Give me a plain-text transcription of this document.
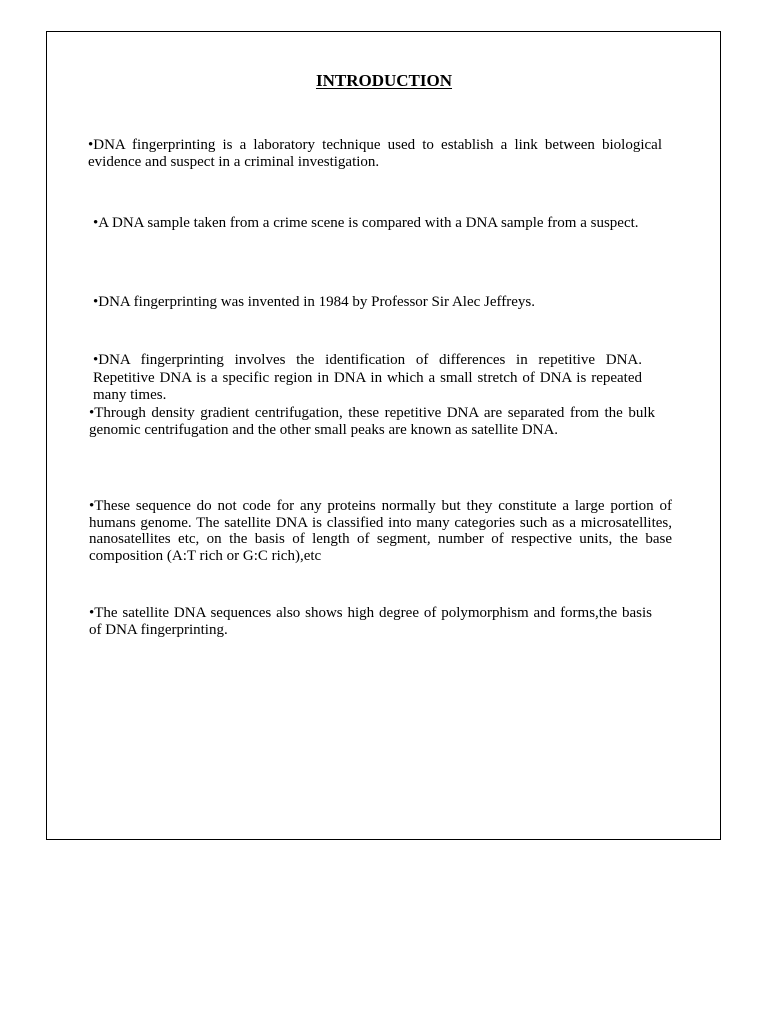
INTRODUCTION
•DNA fingerprinting is a laboratory technique used to establish a link between biological evidence and suspect in a criminal investigation.
•A DNA sample taken from a crime scene is compared with a DNA sample from a suspect.
•DNA fingerprinting was invented in 1984 by Professor Sir Alec Jeffreys.
•DNA fingerprinting involves the identification of differences in repetitive DNA. Repetitive DNA is a specific region in DNA in which a small stretch of DNA is repeated many times.
•Through density gradient centrifugation, these repetitive DNA are separated from the bulk genomic centrifugation and the other small peaks are known as satellite DNA.
•These sequence do not code for any proteins normally but they constitute a large portion of humans genome. The satellite DNA is classified into many categories such as a microsatellites, nanosatellites etc, on the basis of length of segment, number of respective units, the base composition (A:T rich or G:C rich),etc
•The satellite DNA sequences also shows high degree of polymorphism and forms,the basis of DNA fingerprinting.
